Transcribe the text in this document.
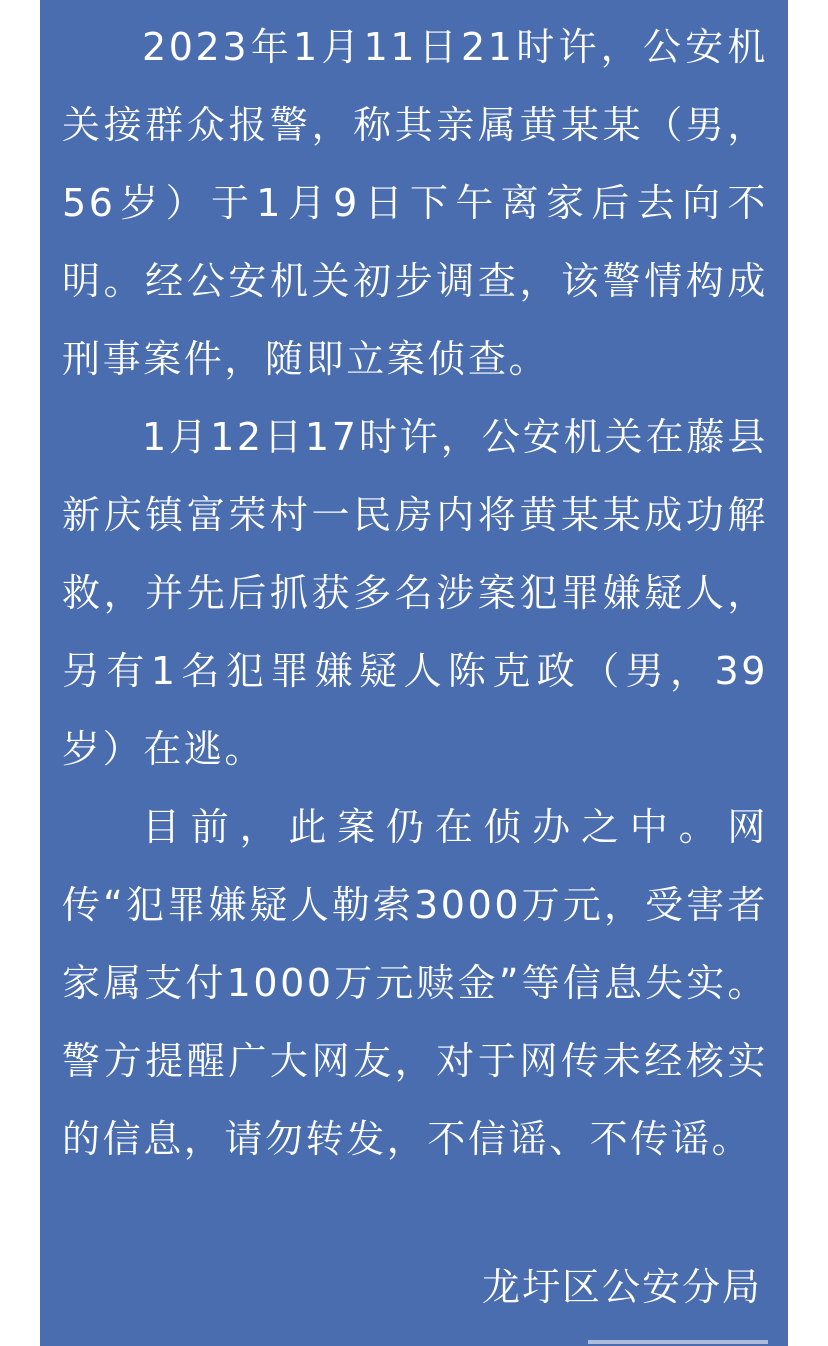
2023年1月11日21时许，公安机关接群众报警，称其亲属黄某某（男，56岁）于1月9日下午离家后去向不明。经公安机关初步调查，该警情构成刑事案件，随即立案侦查。

1月12日17时许，公安机关在藤县新庆镇富荣村一民房内将黄某某成功解救，并先后抓获多名涉案犯罪嫌疑人，另有1名犯罪嫌疑人陈克政（男，39岁）在逃。

目前，此案仍在侦办之中。网传“犯罪嫌疑人勒索3000万元，受害者家属支付1000万元赎金”等信息失实。警方提醒广大网友，对于网传未经核实的信息，请勿转发，不信谣、不传谣。

龙圩区公安分局
